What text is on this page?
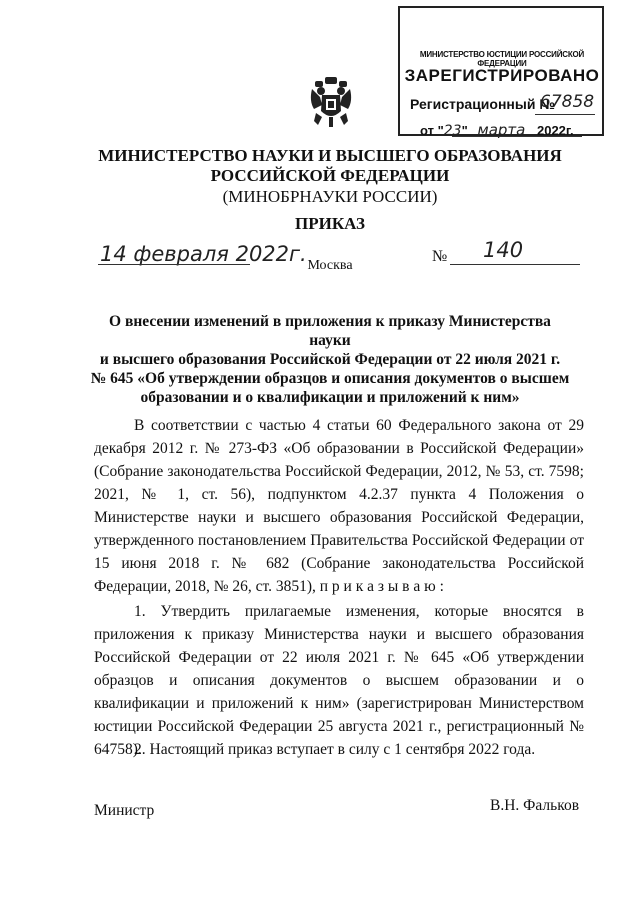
МИНИСТЕРСТВО ЮСТИЦИИ РОССИЙСКОЙ ФЕДЕРАЦИИ
ЗАРЕГИСТРИРОВАНО
Регистрационный №
67858
от "23" марта 2022г.
МИНИСТЕРСТВО НАУКИ И ВЫСШЕГО ОБРАЗОВАНИЯ
РОССИЙСКОЙ ФЕДЕРАЦИИ
(МИНОБРНАУКИ РОССИИ)
ПРИКАЗ
14 февраля 2022г.	№ 140
Москва
О внесении изменений в приложения к приказу Министерства науки
и высшего образования Российской Федерации от 22 июля 2021 г.
№ 645 «Об утверждении образцов и описания документов о высшем
образовании и о квалификации и приложений к ним»
В соответствии с частью 4 статьи 60 Федерального закона от 29 декабря 2012 г. № 273-ФЗ «Об образовании в Российской Федерации» (Собрание законодательства Российской Федерации, 2012, № 53, ст. 7598; 2021, № 1, ст. 56), подпунктом 4.2.37 пункта 4 Положения о Министерстве науки и высшего образования Российской Федерации, утвержденного постановлением Правительства Российской Федерации от 15 июня 2018 г. № 682 (Собрание законодательства Российской Федерации, 2018, № 26, ст. 3851), п р и к а з ы в а ю :
1. Утвердить прилагаемые изменения, которые вносятся в приложения к приказу Министерства науки и высшего образования Российской Федерации от 22 июля 2021 г. № 645 «Об утверждении образцов и описания документов о высшем образовании и о квалификации и приложений к ним» (зарегистрирован Министерством юстиции Российской Федерации 25 августа 2021 г., регистрационный № 64758).
2. Настоящий приказ вступает в силу с 1 сентября 2022 года.
Министр	В.Н. Фальков
